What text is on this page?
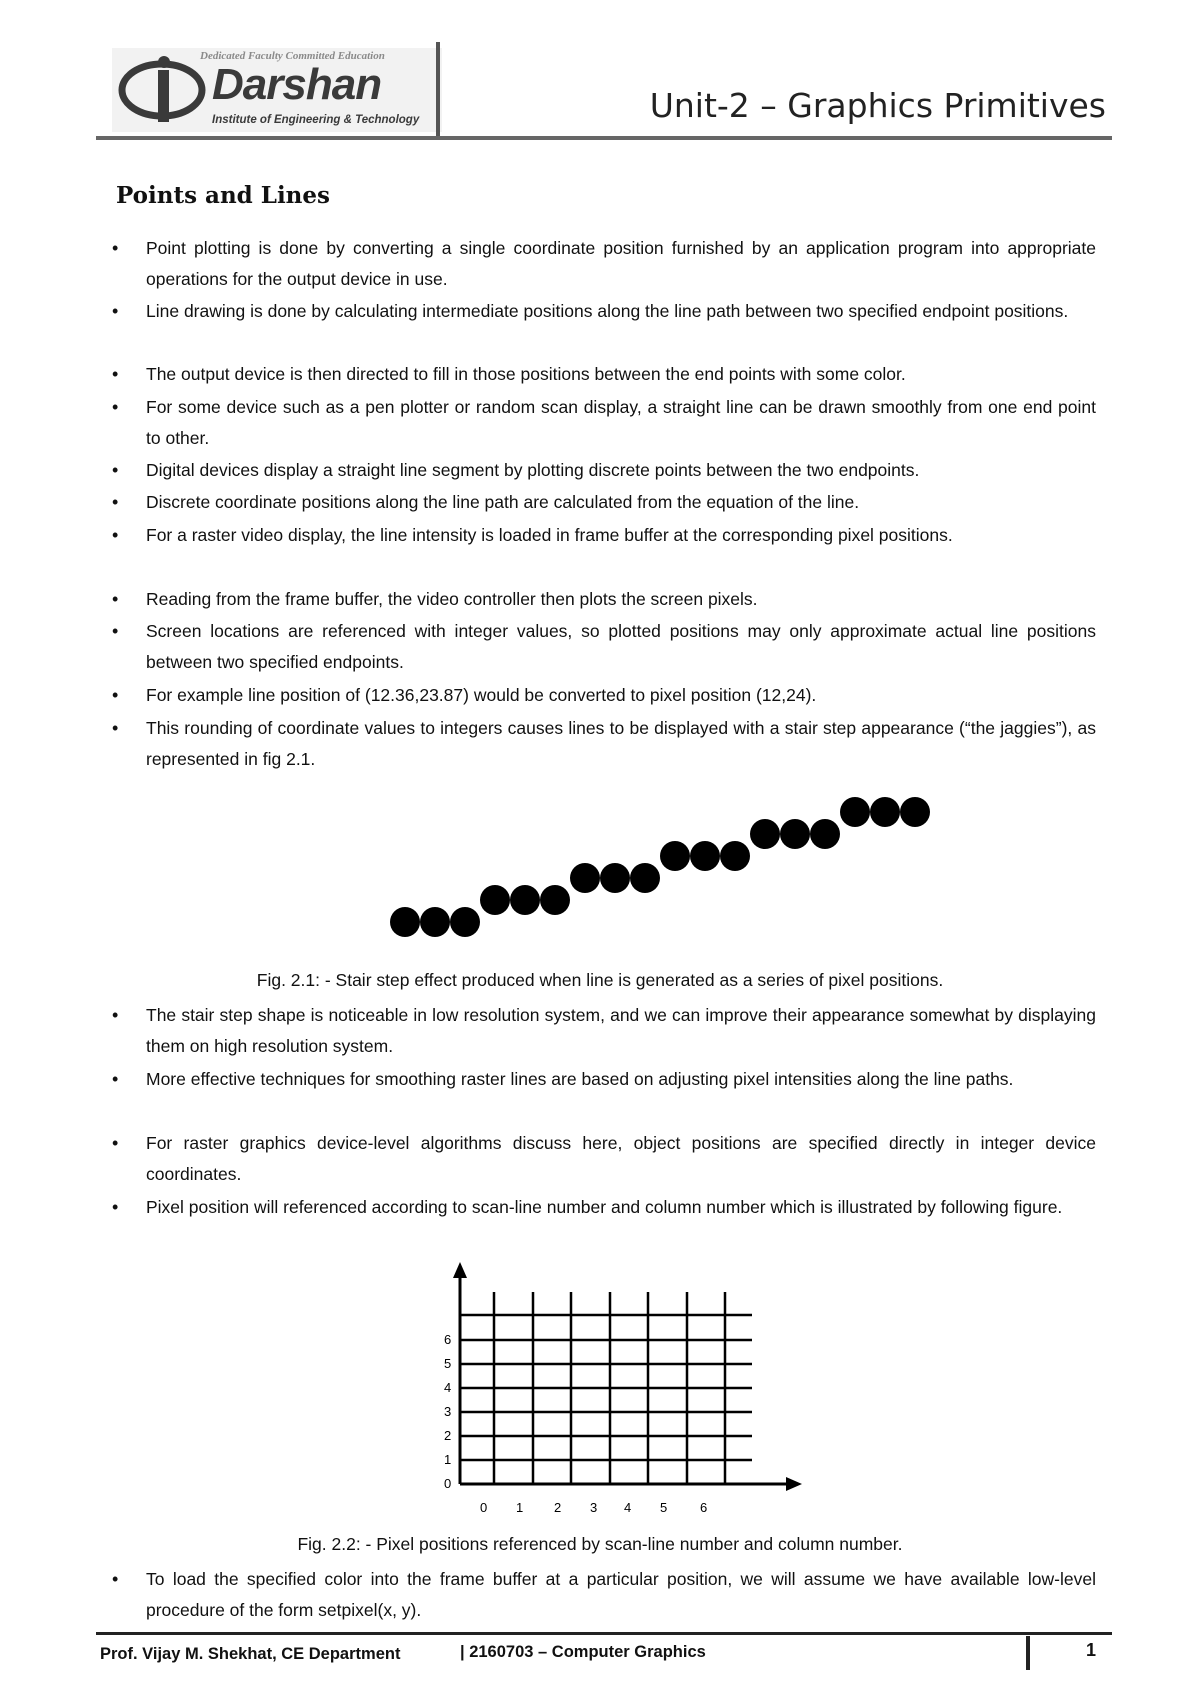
Dedicated Faculty Committed Education
Darshan
Institute of Engineering & Technology	Unit-2 – Graphics Primitives
Points and Lines
• Point plotting is done by converting a single coordinate position furnished by an application program into appropriate operations for the output device in use.
• Line drawing is done by calculating intermediate positions along the line path between two specified endpoint positions.
• The output device is then directed to fill in those positions between the end points with some color.
• For some device such as a pen plotter or random scan display, a straight line can be drawn smoothly from one end point to other.
• Digital devices display a straight line segment by plotting discrete points between the two endpoints.
• Discrete coordinate positions along the line path are calculated from the equation of the line.
• For a raster video display, the line intensity is loaded in frame buffer at the corresponding pixel positions.
• Reading from the frame buffer, the video controller then plots the screen pixels.
• Screen locations are referenced with integer values, so plotted positions may only approximate actual line positions between two specified endpoints.
• For example line position of (12.36,23.87) would be converted to pixel position (12,24).
• This rounding of coordinate values to integers causes lines to be displayed with a stair step appearance (“the jaggies”), as represented in fig 2.1.
Fig. 2.1: - Stair step effect produced when line is generated as a series of pixel positions.
• The stair step shape is noticeable in low resolution system, and we can improve their appearance somewhat by displaying them on high resolution system.
• More effective techniques for smoothing raster lines are based on adjusting pixel intensities along the line paths.
• For raster graphics device-level algorithms discuss here, object positions are specified directly in integer device coordinates.
• Pixel position will referenced according to scan-line number and column number which is illustrated by following figure.
0
1
2
3
4
5
6
0 1 2 3 4 5	6
Fig. 2.2: - Pixel positions referenced by scan-line number and column number.
• To load the specified color into the frame buffer at a particular position, we will assume we have available low-level procedure of the form setpixel(x, y).
Prof. Vijay M. Shekhat, CE Department	| 2160703 – Computer Graphics	1
